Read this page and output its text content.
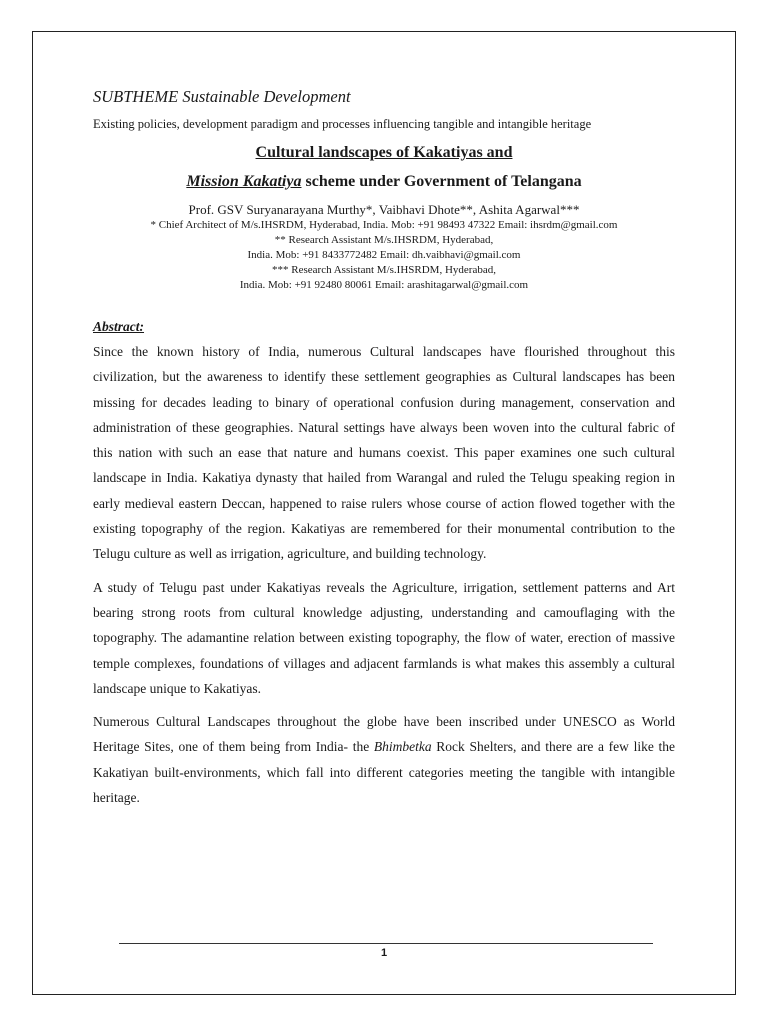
SUBTHEME Sustainable Development

Existing policies, development paradigm and processes influencing tangible and intangible heritage

Cultural landscapes of Kakatiyas and

Mission Kakatiya scheme under Government of Telangana

Prof. GSV Suryanarayana Murthy*, Vaibhavi Dhote**, Ashita Agarwal***

* Chief Architect of M/s.IHSRDM, Hyderabad, India. Mob: +91 98493 47322 Email: ihsrdm@gmail.com

** Research Assistant M/s.IHSRDM, Hyderabad,

India. Mob: +91 8433772482 Email: dh.vaibhavi@gmail.com

*** Research Assistant M/s.IHSRDM, Hyderabad,

India. Mob: +91 92480 80061 Email: arashitagarwal@gmail.com

Abstract:

Since the known history of India, numerous Cultural landscapes have flourished throughout this civilization, but the awareness to identify these settlement geographies as Cultural landscapes has been missing for decades leading to binary of operational confusion during management, conservation and administration of these geographies. Natural settings have always been woven into the cultural fabric of this nation with such an ease that nature and humans coexist. This paper examines one such cultural landscape in India. Kakatiya dynasty that hailed from Warangal and ruled the Telugu speaking region in early medieval eastern Deccan, happened to raise rulers whose course of action flowed together with the existing topography of the region. Kakatiyas are remembered for their monumental contribution to the Telugu culture as well as irrigation, agriculture, and building technology.

A study of Telugu past under Kakatiyas reveals the Agriculture, irrigation, settlement patterns and Art bearing strong roots from cultural knowledge adjusting, understanding and camouflaging with the topography. The adamantine relation between existing topography, the flow of water, erection of massive temple complexes, foundations of villages and adjacent farmlands is what makes this assembly a cultural landscape unique to Kakatiyas.

Numerous Cultural Landscapes throughout the globe have been inscribed under UNESCO as World Heritage Sites, one of them being from India- the Bhimbetka Rock Shelters, and there are a few like the Kakatiyan built-environments, which fall into different categories meeting the tangible with intangible heritage.

1
